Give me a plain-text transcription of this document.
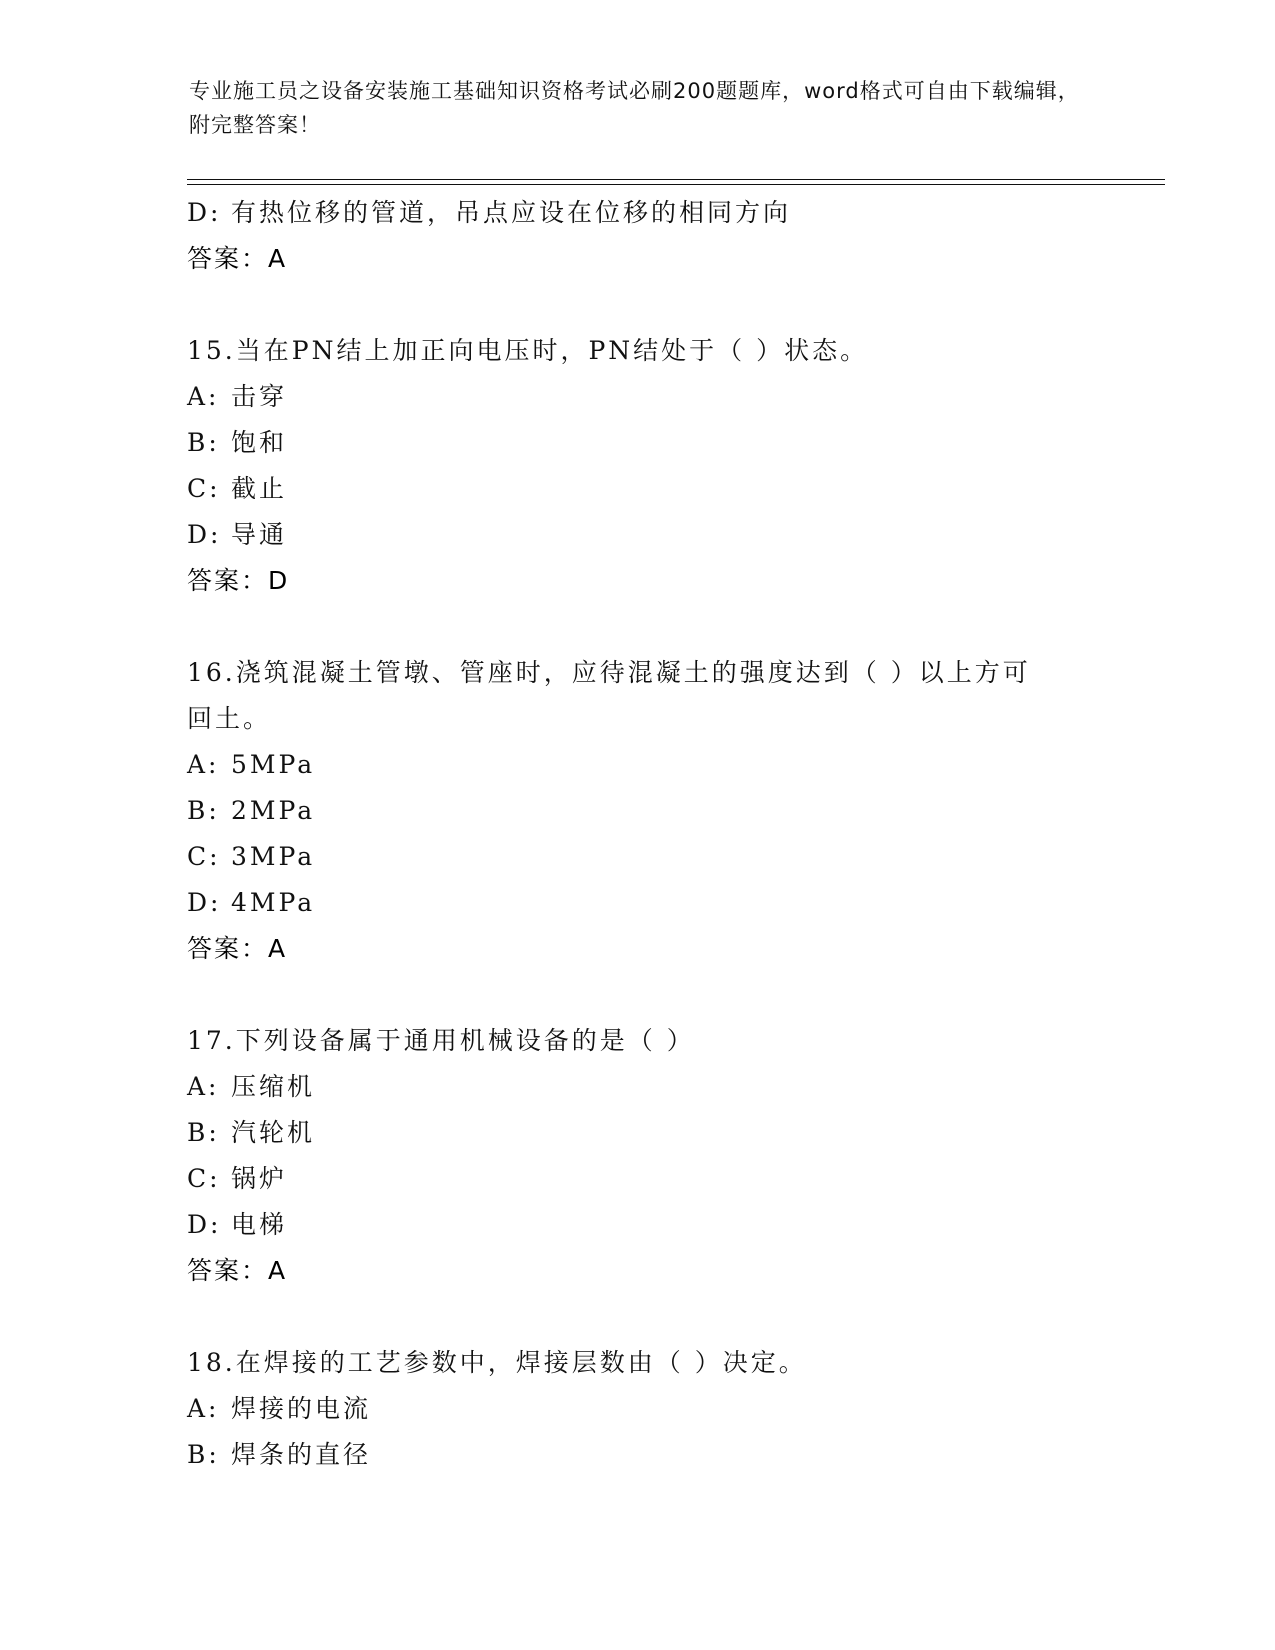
专业施工员之设备安装施工基础知识资格考试必刷200题题库，word格式可自由下载编辑，附完整答案！
D: 有热位移的管道，吊点应设在位移的相同方向
答案：A
15.当在PN结上加正向电压时，PN结处于（ ）状态。
A: 击穿
B: 饱和
C: 截止
D: 导通
答案：D
16.浇筑混凝土管墩、管座时，应待混凝土的强度达到（ ）以上方可
回土。
A: 5MPa
B: 2MPa
C: 3MPa
D: 4MPa
答案：A
17.下列设备属于通用机械设备的是（ ）
A: 压缩机
B: 汽轮机
C: 锅炉
D: 电梯
答案：A
18.在焊接的工艺参数中，焊接层数由（ ）决定。
A: 焊接的电流
B: 焊条的直径
